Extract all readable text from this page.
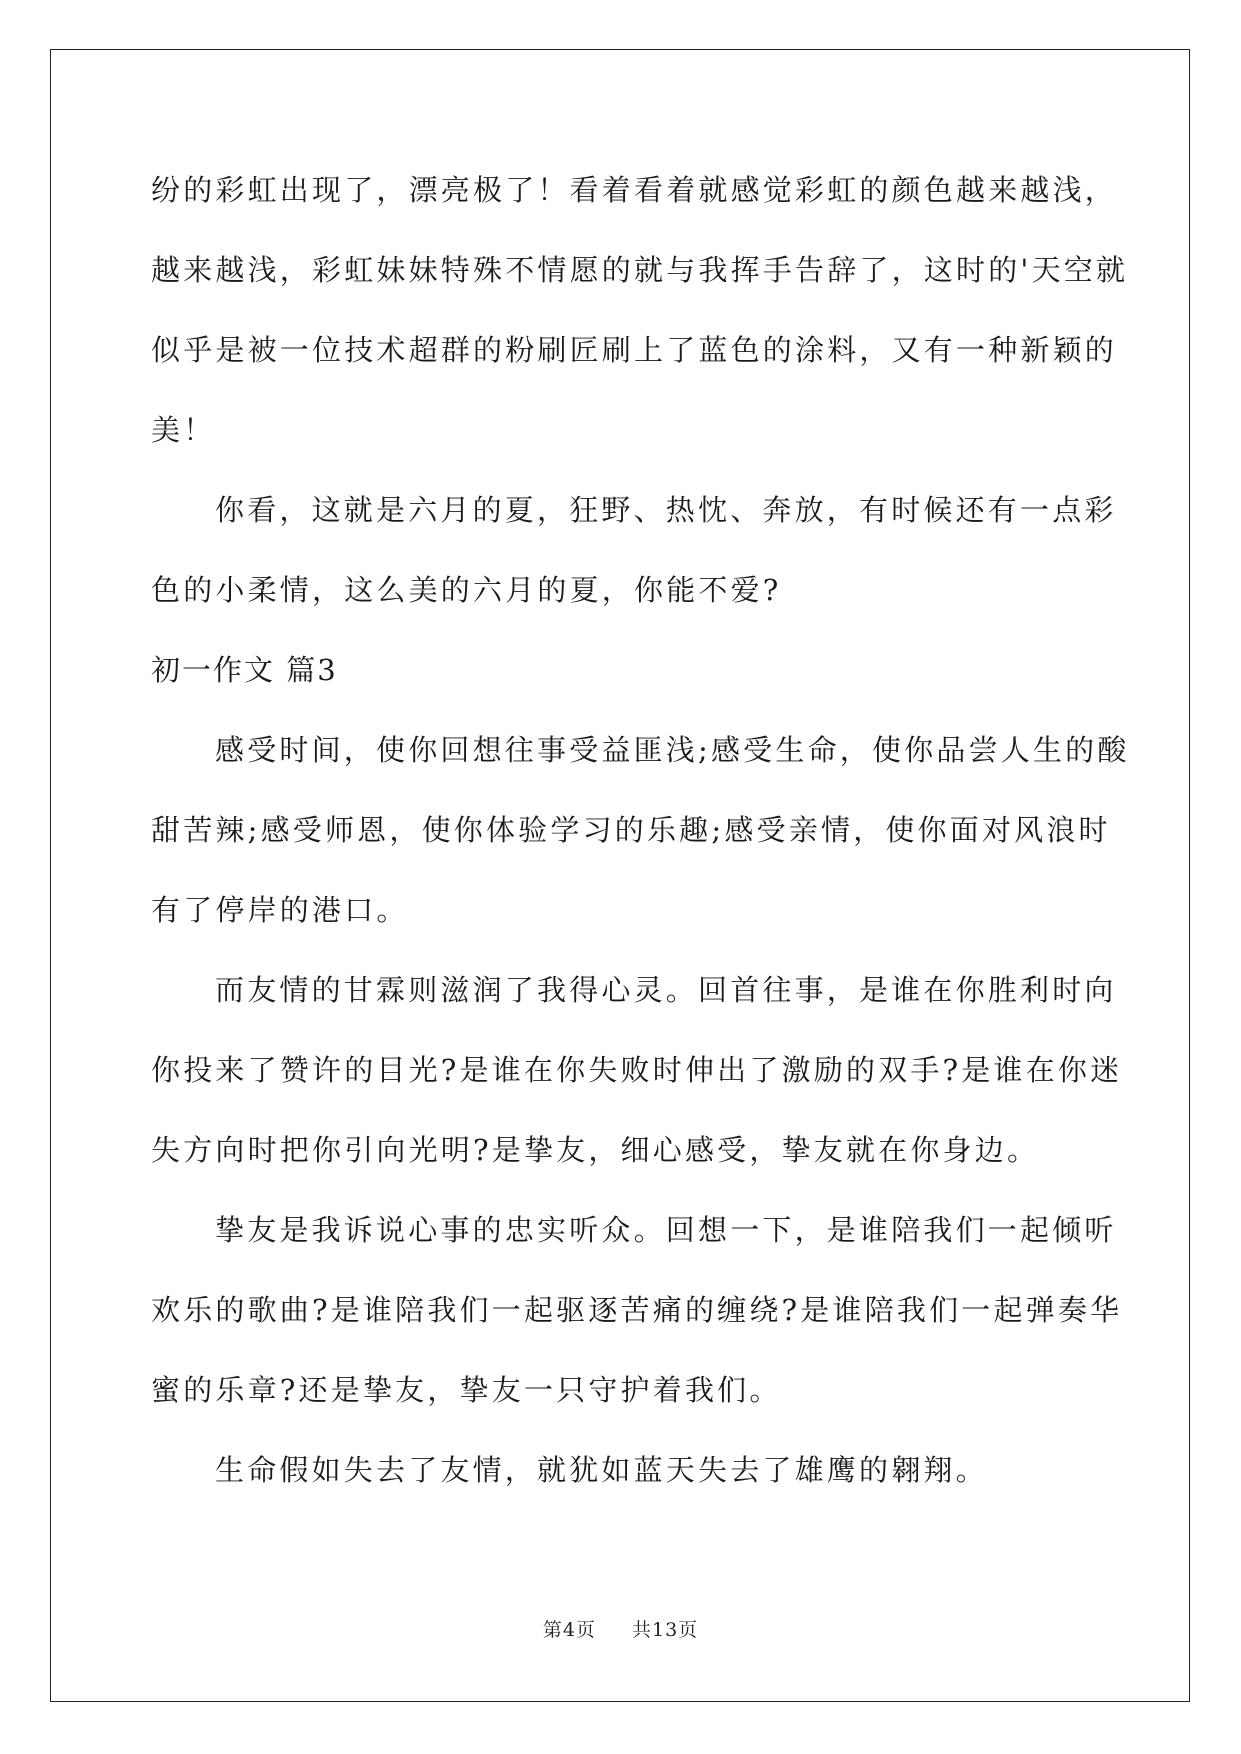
纷的彩虹出现了，漂亮极了！看着看着就感觉彩虹的颜色越来越浅，
越来越浅，彩虹妹妹特殊不情愿的就与我挥手告辞了，这时的'天空就
似乎是被一位技术超群的粉刷匠刷上了蓝色的涂料，又有一种新颖的
美！
你看，这就是六月的夏，狂野、热忱、奔放，有时候还有一点彩
色的小柔情，这么美的六月的夏，你能不爱?
初一作文 篇3
感受时间，使你回想往事受益匪浅;感受生命，使你品尝人生的酸
甜苦辣;感受师恩，使你体验学习的乐趣;感受亲情，使你面对风浪时
有了停岸的港口。
而友情的甘霖则滋润了我得心灵。回首往事，是谁在你胜利时向
你投来了赞许的目光?是谁在你失败时伸出了激励的双手?是谁在你迷
失方向时把你引向光明?是挚友，细心感受，挚友就在你身边。
挚友是我诉说心事的忠实听众。回想一下，是谁陪我们一起倾听
欢乐的歌曲?是谁陪我们一起驱逐苦痛的缠绕?是谁陪我们一起弹奏华
蜜的乐章?还是挚友，挚友一只守护着我们。
生命假如失去了友情，就犹如蓝天失去了雄鹰的翱翔。
第4页 共13页
